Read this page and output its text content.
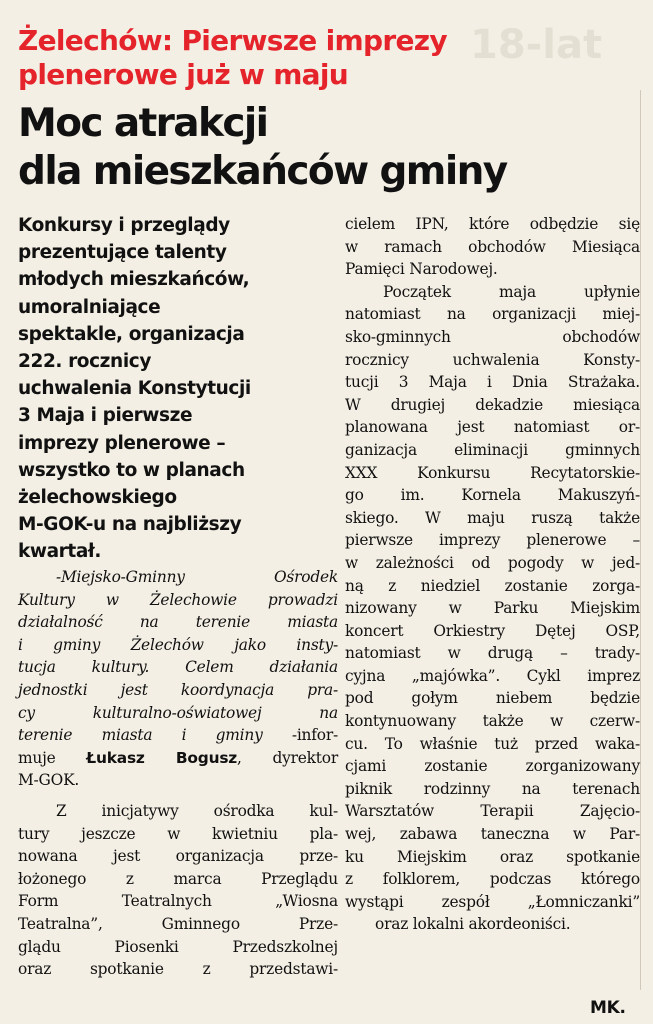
18-lat
Żelechów: Pierwsze imprezy
plenerowe już w maju
Moc atrakcji
dla mieszkańców gminy
Konkursy i przeglądy
prezentujące talenty
młodych mieszkańców,
umoralniające
spektakle, organizacja
222. rocznicy
uchwalenia Konstytucji
3 Maja i pierwsze
imprezy plenerowe –
wszystko to w planach
żelechowskiego
M-GOK-u na najbliższy
kwartał.
-Miejsko-Gminny Ośrodek
Kultury w Żelechowie prowadzi
działalność na terenie miasta
i gminy Żelechów jako insty-
tucja kultury. Celem działania
jednostki jest koordynacja pra-
cy kulturalno-oświatowej na
terenie miasta i gminy -infor-
muje Łukasz Bogusz, dyrektor
M-GOK.
Z inicjatywy ośrodka kul-
tury jeszcze w kwietniu pla-
nowana jest organizacja prze-
łożonego z marca Przeglądu
Form Teatralnych „Wiosna
Teatralna”, Gminnego Prze-
glądu Piosenki Przedszkolnej
oraz spotkanie z przedstawi-
cielem IPN, które odbędzie się
w ramach obchodów Miesiąca
Pamięci Narodowej.
Początek maja upłynie
natomiast na organizacji miej-
sko-gminnych obchodów
rocznicy uchwalenia Konsty-
tucji 3 Maja i Dnia Strażaka.
W drugiej dekadzie miesiąca
planowana jest natomiast or-
ganizacja eliminacji gminnych
XXX Konkursu Recytatorskie-
go im. Kornela Makuszyń-
skiego. W maju ruszą także
pierwsze imprezy plenerowe –
w zależności od pogody w jed-
ną z niedziel zostanie zorga-
nizowany w Parku Miejskim
koncert Orkiestry Dętej OSP,
natomiast w drugą – trady-
cyjna „majówka”. Cykl imprez
pod gołym niebem będzie
kontynuowany także w czerw-
cu. To właśnie tuż przed waka-
cjami zostanie zorganizowany
piknik rodzinny na terenach
Warsztatów Terapii Zajęcio-
wej, zabawa taneczna w Par-
ku Miejskim oraz spotkanie
z folklorem, podczas którego
wystąpi zespół „Łomniczanki”
oraz lokalni akordeoniści.
MK.
